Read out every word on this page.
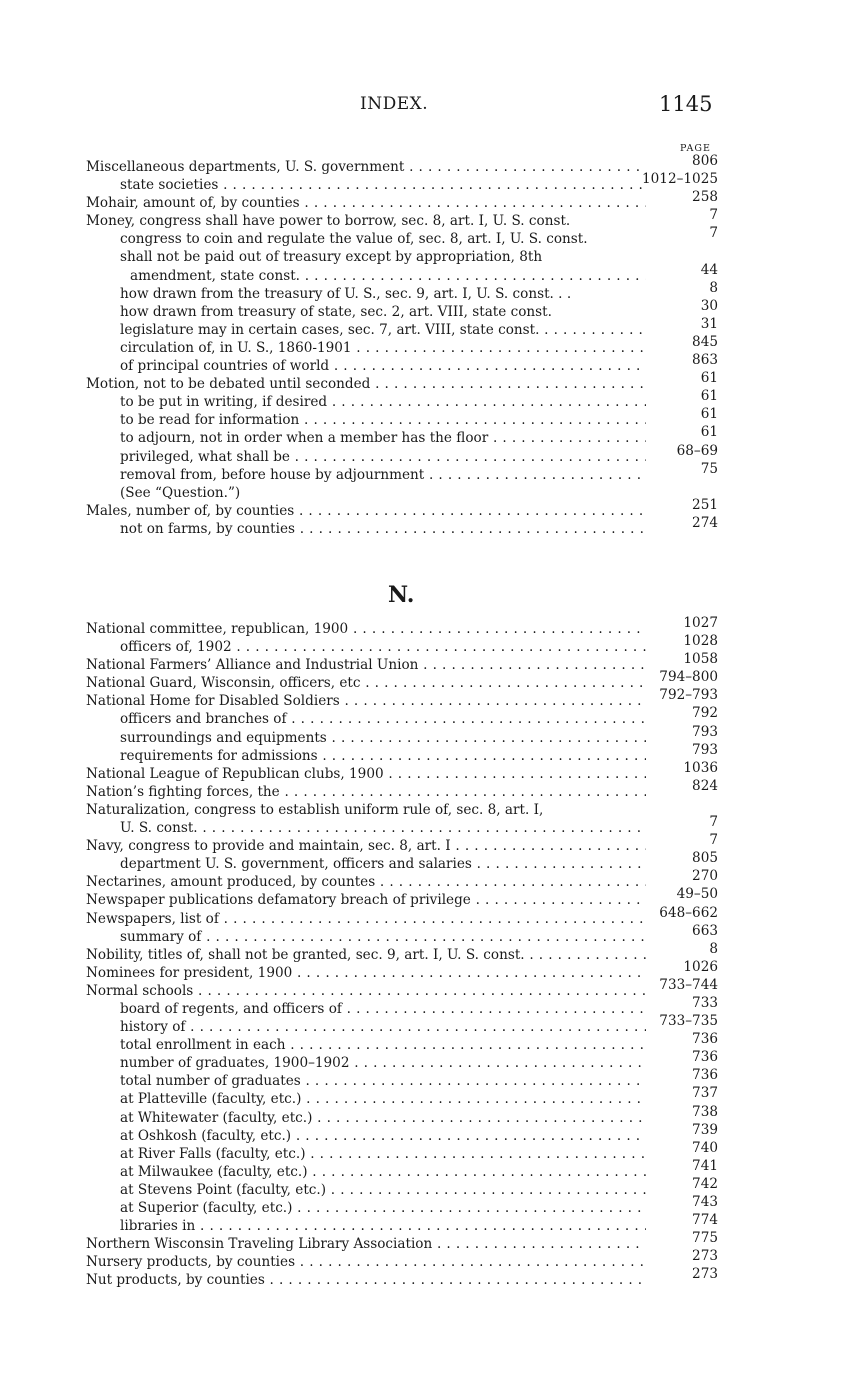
INDEX.	1145
PAGE
Miscellaneous departments, U. S. government . . .	806
state societies . . .	1012–1025
Mohair, amount of, by counties . . .	258
Money, congress shall have power to borrow, sec. 8, art. I, U. S. const.	7
congress to coin and regulate the value of, sec. 8, art. I, U. S. const.	7
shall not be paid out of treasury except by appropriation, 8th
amendment, state const. . . .	44
how drawn from the treasury of U. S., sec. 9, art. I, U. S. const. . .	8
how drawn from treasury of state, sec. 2, art. VIII, state const.	30
legislature may in certain cases, sec. 7, art. VIII, state const. . . .	31
circulation of, in U. S., 1860-1901 . . .	845
of principal countries of world . . .	863
Motion, not to be debated until seconded . . .	61
to be put in writing, if desired . . .	61
to be read for information . . .	61
to adjourn, not in order when a member has the floor . . .	61
privileged, what shall be . . .	68–69
removal from, before house by adjournment . . .	75
(See “Question.”)
Males, number of, by counties . . .	251
not on farms, by counties . . .	274
N.
National committee, republican, 1900 . . .	1027
officers of, 1902 . . .	1028
National Farmers’ Alliance and Industrial Union . . .	1058
National Guard, Wisconsin, officers, etc . . .	794–800
National Home for Disabled Soldiers . . .	792–793
officers and branches of . . .	792
surroundings and equipments . . .	793
requirements for admissions . . .	793
National League of Republican clubs, 1900 . . .	1036
Nation’s fighting forces, the . . .	824
Naturalization, congress to establish uniform rule of, sec. 8, art. I,
U. S. const. . . .	7
Navy, congress to provide and maintain, sec. 8, art. I . . .	7
department U. S. government, officers and salaries . . .	805
Nectarines, amount produced, by countes . . .	270
Newspaper publications defamatory breach of privilege . . .	49–50
Newspapers, list of . . .	648–662
summary of . . .	663
Nobility, titles of, shall not be granted, sec. 9, art. I, U. S. const. . . .	8
Nominees for president, 1900 . . .	1026
Normal schools . . .	733–744
board of regents, and officers of . . .	733
history of . . .	733–735
total enrollment in each . . .	736
number of graduates, 1900–1902 . . .	736
total number of graduates . . .	736
at Platteville (faculty, etc.) . . .	737
at Whitewater (faculty, etc.) . . .	738
at Oshkosh (faculty, etc.) . . .	739
at River Falls (faculty, etc.) . . .	740
at Milwaukee (faculty, etc.) . . .	741
at Stevens Point (faculty, etc.) . . .	742
at Superior (faculty, etc.) . . .	743
libraries in . . .	774
Northern Wisconsin Traveling Library Association . . .	775
Nursery products, by counties . . .	273
Nut products, by counties . . .	273
